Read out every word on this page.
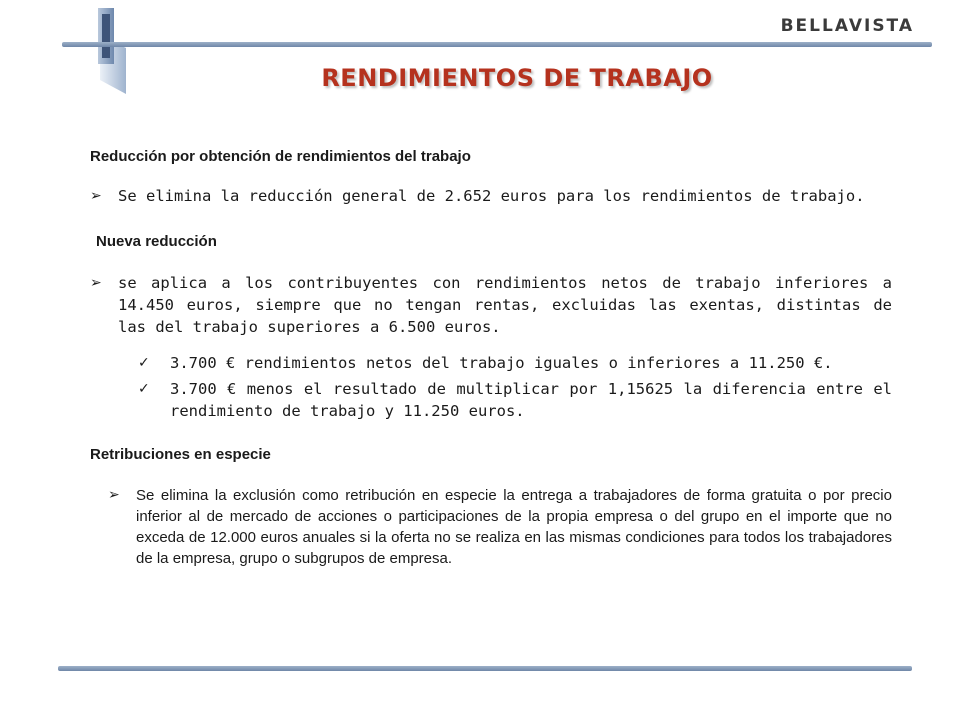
BELLAVISTA
RENDIMIENTOS DE TRABAJO

Reducción por obtención de rendimientos del trabajo

➢ Se elimina la reducción general de 2.652 euros para los rendimientos de trabajo.

Nueva reducción

➢ se aplica a los contribuyentes con rendimientos netos de trabajo inferiores a 14.450 euros, siempre que no tengan rentas, excluidas las exentas, distintas de las del trabajo superiores a 6.500 euros.
✓ 3.700 € rendimientos netos del trabajo iguales o inferiores a 11.250 €.
✓ 3.700 € menos el resultado de multiplicar por 1,15625 la diferencia entre el rendimiento de trabajo y 11.250 euros.

Retribuciones en especie

➢ Se elimina la exclusión como retribución en especie la entrega a trabajadores de forma gratuita o por precio inferior al de mercado de acciones o participaciones de la propia empresa o del grupo en el importe que no exceda de 12.000 euros anuales si la oferta no se realiza en las mismas condiciones para todos los trabajadores de la empresa, grupo o subgrupos de empresa.
